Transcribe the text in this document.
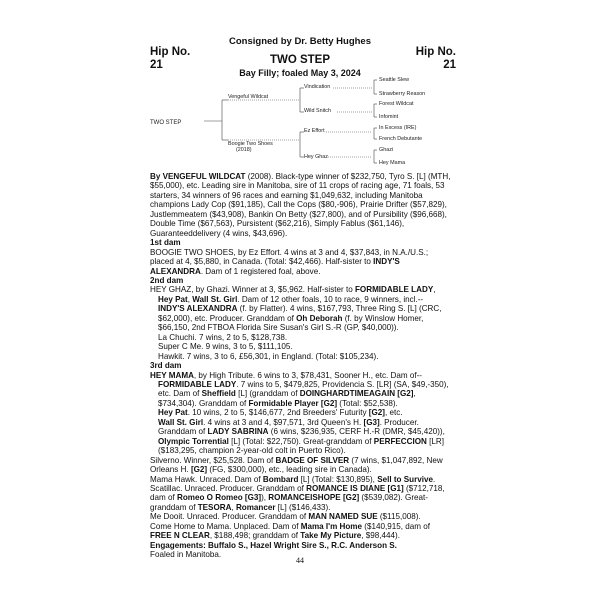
Consigned by Dr. Betty Hughes
Hip No.
21
Hip No.
21
TWO STEP
Bay Filly; foaled May 3, 2024
TWO STEP
Vengeful Wildcat
Boogie Two Shoes
(2018)
Vindication
Wild Snitch
Ez Effort
Hey Ghaz
Seattle Slew
Strawberry Reason
Forest Wildcat
Infomint
In Excess (IRE)
French Debutante
Ghazi
Hey Mama

By VENGEFUL WILDCAT (2008). Black-type winner of $232,750, Tyro S. [L] (MTH, $55,000), etc. Leading sire in Manitoba, sire of 11 crops of racing age, 71 foals, 53 starters, 34 winners of 96 races and earning $1,049,632, including Manitoba champions Lady Cop ($91,185), Call the Cops ($80,-906), Prairie Drifter ($57,829), Justlemmeatem ($43,908), Bankin On Betty ($27,800), and of Pursibility ($96,668), Double Time ($67,563), Pursistent ($62,216), Simply Fablus ($61,146), Guaranteeddelivery (4 wins, $43,696).

1st dam

BOOGIE TWO SHOES, by Ez Effort. 4 wins at 3 and 4, $37,843, in N.A./U.S.; placed at 4, $5,880, in Canada. (Total: $42,466). Half-sister to INDY'S ALEXANDRA. Dam of 1 registered foal, above.

2nd dam

HEY GHAZ, by Ghazi. Winner at 3, $5,962. Half-sister to FORMIDABLE LADY, Hey Pat, Wall St. Girl. Dam of 12 other foals, 10 to race, 9 winners, incl.--

INDY'S ALEXANDRA (f. by Flatter). 4 wins, $167,793, Three Ring S. [L] (CRC, $62,000), etc. Producer. Granddam of Oh Deborah (f. by Winslow Homer, $66,150, 2nd FTBOA Florida Sire Susan's Girl S.-R (GP, $40,000)).

La Chuchi. 7 wins, 2 to 5, $128,738.

Super C Me. 9 wins, 3 to 5, $111,105.

Hawkit. 7 wins, 3 to 6, £56,301, in England. (Total: $105,234).

3rd dam

HEY MAMA, by High Tribute. 6 wins to 3, $78,431, Sooner H., etc. Dam of--

FORMIDABLE LADY. 7 wins to 5, $479,825, Providencia S. [LR] (SA, $49,-350), etc. Dam of Sheffield [L] (granddam of DOINGHARDTIMEAGAIN [G2], $734,304). Granddam of Formidable Player [G2] (Total: $52,538).

Hey Pat. 10 wins, 2 to 5, $146,677, 2nd Breeders' Futurity [G2], etc.

Wall St. Girl. 4 wins at 3 and 4, $97,571, 3rd Queen's H. [G3]. Producer. Granddam of LADY SABRINA (6 wins, $236,935, CERF H.-R (DMR, $45,420)), Olympic Torrential [L] (Total: $22,750). Great-granddam of PERFECCION [LR] ($183,295, champion 2-year-old colt in Puerto Rico).

Silverno. Winner, $25,528. Dam of BADGE OF SILVER (7 wins, $1,047,892, New Orleans H. [G2] (FG, $300,000), etc., leading sire in Canada).

Mama Hawk. Unraced. Dam of Bombard [L] (Total: $130,895), Sell to Survive.

Scatillac. Unraced. Producer. Granddam of ROMANCE IS DIANE [G1] ($712,718, dam of Romeo O Romeo [G3]), ROMANCEISHOPE [G2] ($539,082). Great-granddam of TESORA, Romancer [L] ($146,433).

Me Dooit. Unraced. Producer. Granddam of MAN NAMED SUE ($115,008).

Come Home to Mama. Unplaced. Dam of Mama I'm Home ($140,915, dam of FREE N CLEAR, $188,498; granddam of Take My Picture, $98,444).

Engagements: Buffalo S., Hazel Wright Sire S., R.C. Anderson S.

Foaled in Manitoba.

44
